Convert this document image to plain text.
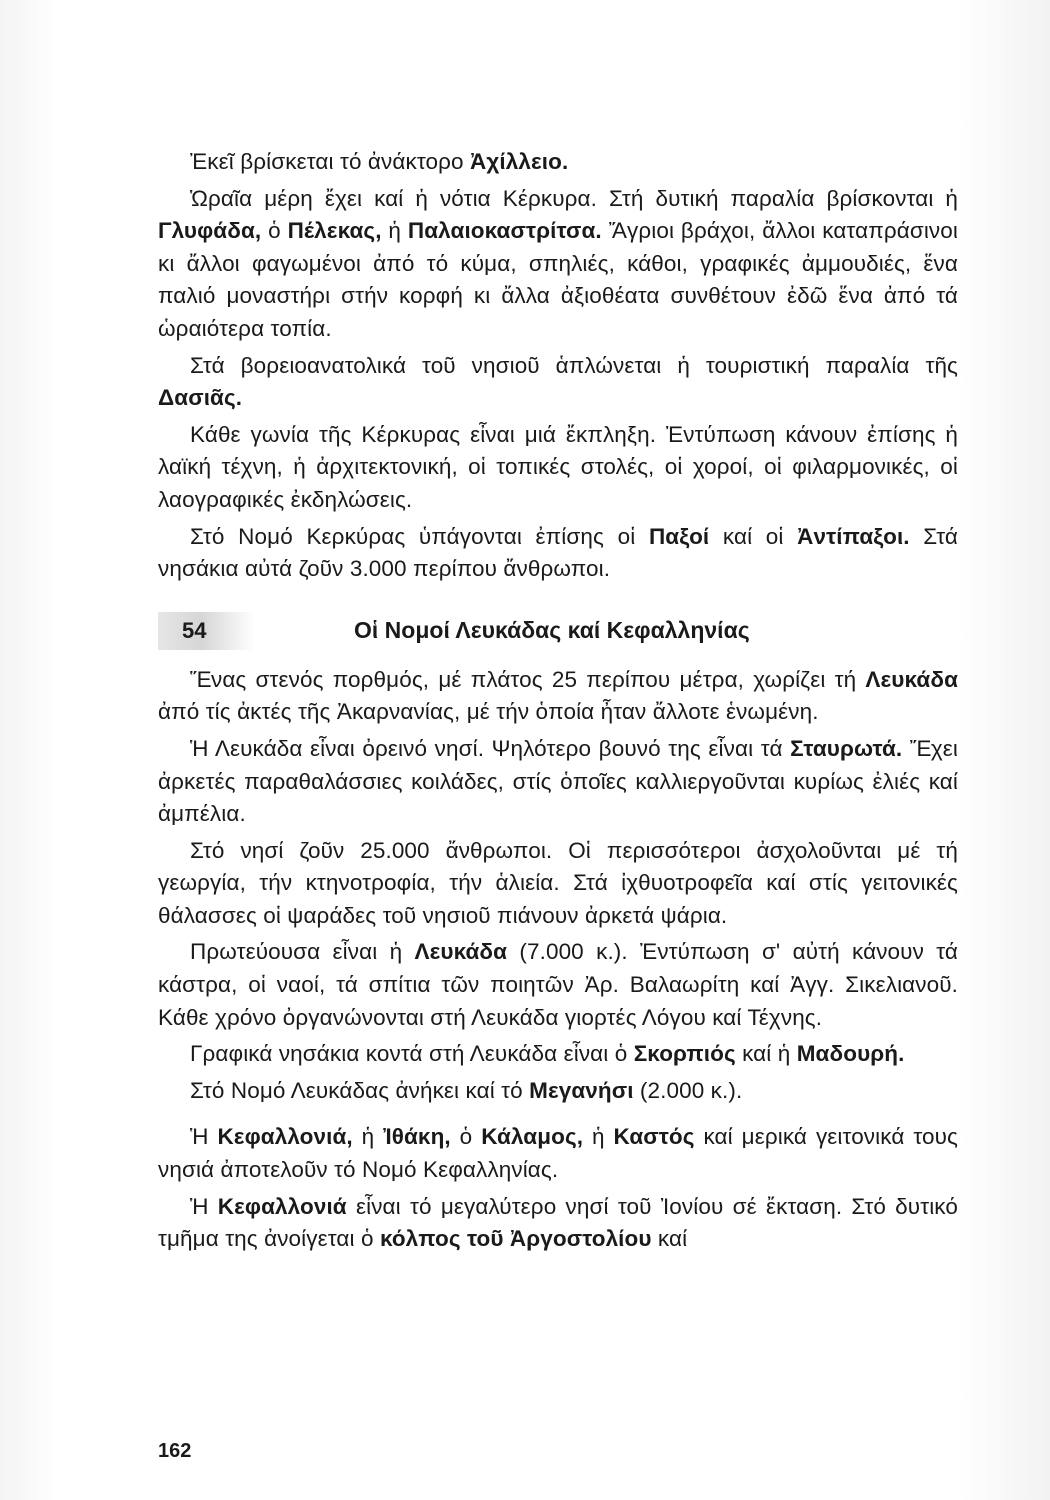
Ἐκεῖ βρίσκεται τό ἀνάκτορο Ἀχίλλειο.

Ὡραῖα μέρη ἔχει καί ἡ νότια Κέρκυρα. Στή δυτική παραλία βρίσκονται ἡ Γλυφάδα, ὁ Πέλεκας, ἡ Παλαιοκαστρίτσα. Ἄγριοι βράχοι, ἄλλοι καταπράσινοι κι ἄλλοι φαγωμένοι ἀπό τό κύμα, σπηλιές, κάθοι, γραφικές ἀμμουδιές, ἕνα παλιό μοναστήρι στήν κορφή κι ἄλλα ἀξιοθέατα συνθέτουν ἐδῶ ἕνα ἀπό τά ὡραιότερα τοπία.

Στά βορειοανατολικά τοῦ νησιοῦ ἁπλώνεται ἡ τουριστική παραλία τῆς Δασιᾶς.

Κάθε γωνία τῆς Κέρκυρας εἶναι μιά ἔκπληξη. Ἐντύπωση κάνουν ἐπίσης ἡ λαϊκή τέχνη, ἡ ἀρχιτεκτονική, οἱ τοπικές στολές, οἱ χοροί, οἱ φιλαρμονικές, οἱ λαογραφικές ἐκδηλώσεις.

Στό Νομό Κερκύρας ὑπάγονται ἐπίσης οἱ Παξοί καί οἱ Ἀντίπαξοι. Στά νησάκια αὐτά ζοῦν 3.000 περίπου ἄνθρωποι.

54	Οἱ Νομοί Λευκάδας καί Κεφαλληνίας

Ἕνας στενός πορθμός, μέ πλάτος 25 περίπου μέτρα, χωρίζει τή Λευκάδα ἀπό τίς ἀκτές τῆς Ἀκαρνανίας, μέ τήν ὁποία ἦταν ἄλλοτε ἑνωμένη.

Ἡ Λευκάδα εἶναι ὀρεινό νησί. Ψηλότερο βουνό της εἶναι τά Σταυρωτά. Ἔχει ἀρκετές παραθαλάσσιες κοιλάδες, στίς ὁποῖες καλλιεργοῦνται κυρίως ἐλιές καί ἀμπέλια.

Στό νησί ζοῦν 25.000 ἄνθρωποι. Οἱ περισσότεροι ἀσχολοῦνται μέ τή γεωργία, τήν κτηνοτροφία, τήν ἁλιεία. Στά ἰχθυοτροφεῖα καί στίς γειτονικές θάλασσες οἱ ψαράδες τοῦ νησιοῦ πιάνουν ἀρκετά ψάρια.

Πρωτεύουσα εἶναι ἡ Λευκάδα (7.000 κ.). Ἐντύπωση σ' αὐτή κάνουν τά κάστρα, οἱ ναοί, τά σπίτια τῶν ποιητῶν Ἀρ. Βαλαωρίτη καί Ἀγγ. Σικελιανοῦ. Κάθε χρόνο ὀργανώνονται στή Λευκάδα γιορτές Λόγου καί Τέχνης.

Γραφικά νησάκια κοντά στή Λευκάδα εἶναι ὁ Σκορπιός καί ἡ Μαδουρή.

Στό Νομό Λευκάδας ἀνήκει καί τό Μεγανήσι (2.000 κ.).

Ἡ Κεφαλλονιά, ἡ Ἰθάκη, ὁ Κάλαμος, ἡ Καστός καί μερικά γειτονικά τους νησιά ἀποτελοῦν τό Νομό Κεφαλληνίας.

Ἡ Κεφαλλονιά εἶναι τό μεγαλύτερο νησί τοῦ Ἰονίου σέ ἔκταση. Στό δυτικό τμῆμα της ἀνοίγεται ὁ κόλπος τοῦ Ἀργοστολίου καί

162
